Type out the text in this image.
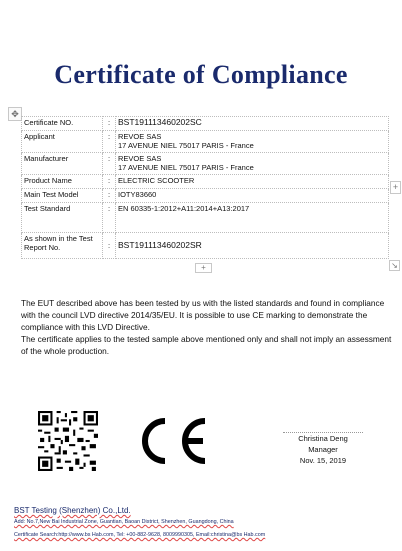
Certificate of Compliance
✥
+
+	↘
Certificate NO.	:	BST191113460202SC
Applicant	:	REVOE SAS
17 AVENUE NIEL 75017 PARIS - France

Manufacturer	:	REVOE SAS
17 AVENUE NIEL 75017 PARIS - France

Product Name	:	ELECTRIC SCOOTER
Main Test Model	:	IOTY83660
Test Standard	:	EN 60335-1:2012+A11:2014+A13:2017
As shown in the Test Report No.	:	BST191113460202SR

The EUT described above has been tested by us with the listed standards and found in compliance with the council LVD directive 2014/35/EU. It is possible to use CE marking to demonstrate the compliance with this LVD Directive.

The certificate applies to the tested sample above mentioned only and shall not imply an assessment of the whole production.

Christina Deng
Manager
Nov. 15, 2019
BST Testing (Shenzhen) Co.,Ltd.
Add: No.7,New Bai Industrial Zone, Guantian, Baoan District, Shenzhen, Guangdong, China
Certificate Search:http://www.bs Hab.com, Tel: +00-882-9628, 8009990305, Email:christina@bs Hab.com
